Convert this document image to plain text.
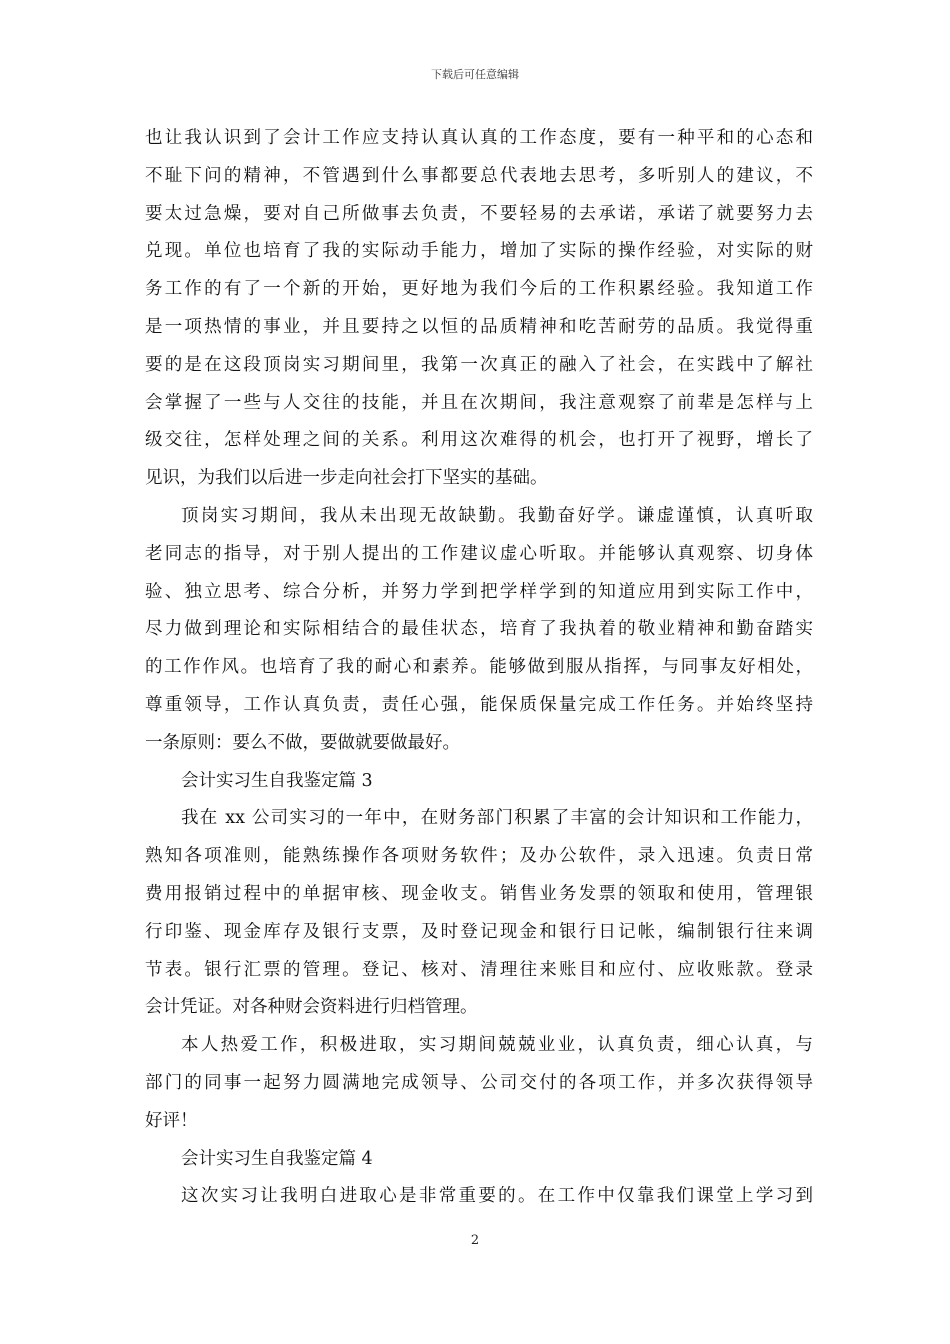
下载后可任意编辑
也让我认识到了会计工作应支持认真认真的工作态度，要有一种平和的心态和
不耻下问的精神，不管遇到什么事都要总代表地去思考，多听别人的建议，不
要太过急燥，要对自己所做事去负责，不要轻易的去承诺，承诺了就要努力去
兑现。单位也培育了我的实际动手能力，增加了实际的操作经验，对实际的财
务工作的有了一个新的开始，更好地为我们今后的工作积累经验。我知道工作
是一项热情的事业，并且要持之以恒的品质精神和吃苦耐劳的品质。我觉得重
要的是在这段顶岗实习期间里，我第一次真正的融入了社会，在实践中了解社
会掌握了一些与人交往的技能，并且在次期间，我注意观察了前辈是怎样与上
级交往，怎样处理之间的关系。利用这次难得的机会，也打开了视野，增长了
见识，为我们以后进一步走向社会打下坚实的基础。
顶岗实习期间，我从未出现无故缺勤。我勤奋好学。谦虚谨慎，认真听取
老同志的指导，对于别人提出的工作建议虚心听取。并能够认真观察、切身体
验、独立思考、综合分析，并努力学到把学样学到的知道应用到实际工作中，
尽力做到理论和实际相结合的最佳状态，培育了我执着的敬业精神和勤奋踏实
的工作作风。也培育了我的耐心和素养。能够做到服从指挥，与同事友好相处，
尊重领导，工作认真负责，责任心强，能保质保量完成工作任务。并始终坚持
一条原则：要么不做，要做就要做最好。
会计实习生自我鉴定篇 3
我在 xx 公司实习的一年中，在财务部门积累了丰富的会计知识和工作能力，
熟知各项准则，能熟练操作各项财务软件；及办公软件，录入迅速。负责日常
费用报销过程中的单据审核、现金收支。销售业务发票的领取和使用，管理银
行印鉴、现金库存及银行支票，及时登记现金和银行日记帐，编制银行往来调
节表。银行汇票的管理。登记、核对、清理往来账目和应付、应收账款。登录
会计凭证。对各种财会资料进行归档管理。
本人热爱工作，积极进取，实习期间兢兢业业，认真负责，细心认真，与
部门的同事一起努力圆满地完成领导、公司交付的各项工作，并多次获得领导
好评！
会计实习生自我鉴定篇 4
这次实习让我明白进取心是非常重要的。在工作中仅靠我们课堂上学习到
2
